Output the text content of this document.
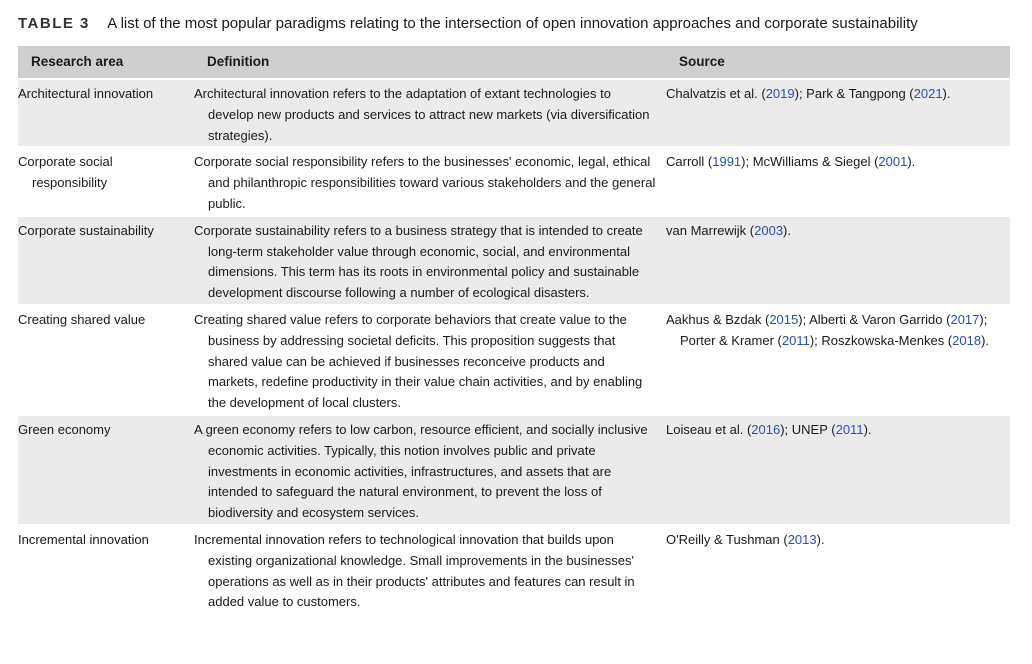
TABLE 3 A list of the most popular paradigms relating to the intersection of open innovation approaches and corporate sustainability
Research area	Definition	Source
Architectural innovation	Architectural innovation refers to the adaptation of extant technologies to develop new products and services to attract new markets (via diversification strategies).	Chalvatzis et al. (2019); Park & Tangpong (2021).
Corporate social responsibility	Corporate social responsibility refers to the businesses' economic, legal, ethical and philanthropic responsibilities toward various stakeholders and the general public.	Carroll (1991); McWilliams & Siegel (2001).
Corporate sustainability	Corporate sustainability refers to a business strategy that is intended to create long-term stakeholder value through economic, social, and environmental dimensions. This term has its roots in environmental policy and sustainable development discourse following a number of ecological disasters.	van Marrewijk (2003).
Creating shared value	Creating shared value refers to corporate behaviors that create value to the business by addressing societal deficits. This proposition suggests that shared value can be achieved if businesses reconceive products and markets, redefine productivity in their value chain activities, and by enabling the development of local clusters.	Aakhus & Bzdak (2015); Alberti & Varon Garrido (2017); Porter & Kramer (2011); Roszkowska-Menkes (2018).
Green economy	A green economy refers to low carbon, resource efficient, and socially inclusive economic activities. Typically, this notion involves public and private investments in economic activities, infrastructures, and assets that are intended to safeguard the natural environment, to prevent the loss of biodiversity and ecosystem services.	Loiseau et al. (2016); UNEP (2011).
Incremental innovation	Incremental innovation refers to technological innovation that builds upon existing organizational knowledge. Small improvements in the businesses' operations as well as in their products' attributes and features can result in added value to customers.	O'Reilly & Tushman (2013).
